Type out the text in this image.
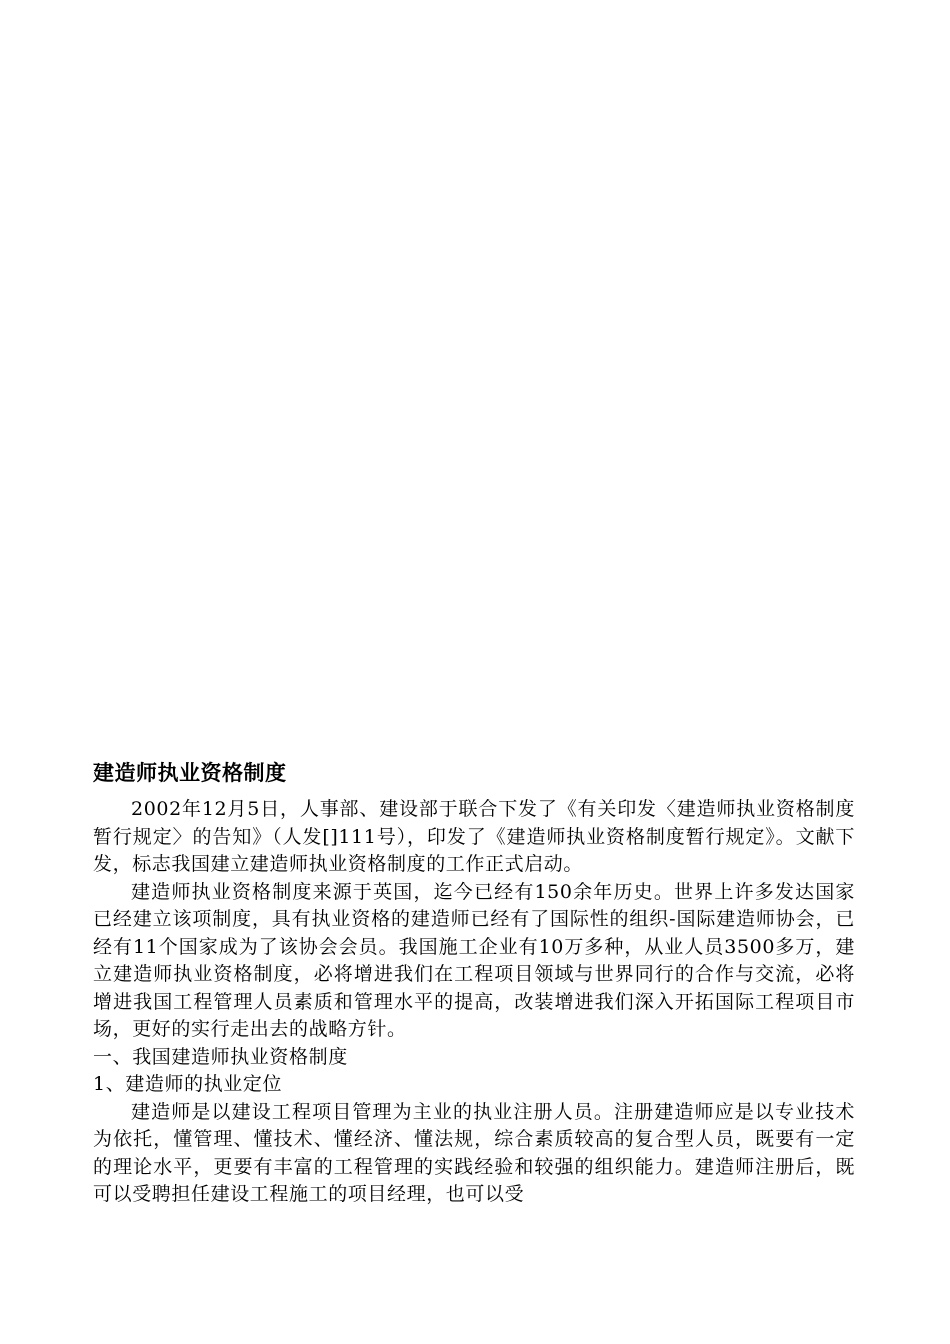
建造师执业资格制度

2002年12月5日，人事部、建设部于联合下发了《有关印发〈建造师执业资格制度暂行规定〉的告知》（人发[]111号），印发了《建造师执业资格制度暂行规定》。文献下发，标志我国建立建造师执业资格制度的工作正式启动。

建造师执业资格制度来源于英国，迄今已经有150余年历史。世界上许多发达国家已经建立该项制度，具有执业资格的建造师已经有了国际性的组织-国际建造师协会，已经有11个国家成为了该协会会员。我国施工企业有10万多种，从业人员3500多万，建立建造师执业资格制度，必将增进我们在工程项目领域与世界同行的合作与交流，必将增进我国工程管理人员素质和管理水平的提高，改装增进我们深入开拓国际工程项目市场，更好的实行走出去的战略方针。

一、我国建造师执业资格制度

1、建造师的执业定位

建造师是以建设工程项目管理为主业的执业注册人员。注册建造师应是以专业技术为依托，懂管理、懂技术、懂经济、懂法规，综合素质较高的复合型人员，既要有一定的理论水平，更要有丰富的工程管理的实践经验和较强的组织能力。建造师注册后，既可以受聘担任建设工程施工的项目经理，也可以受
